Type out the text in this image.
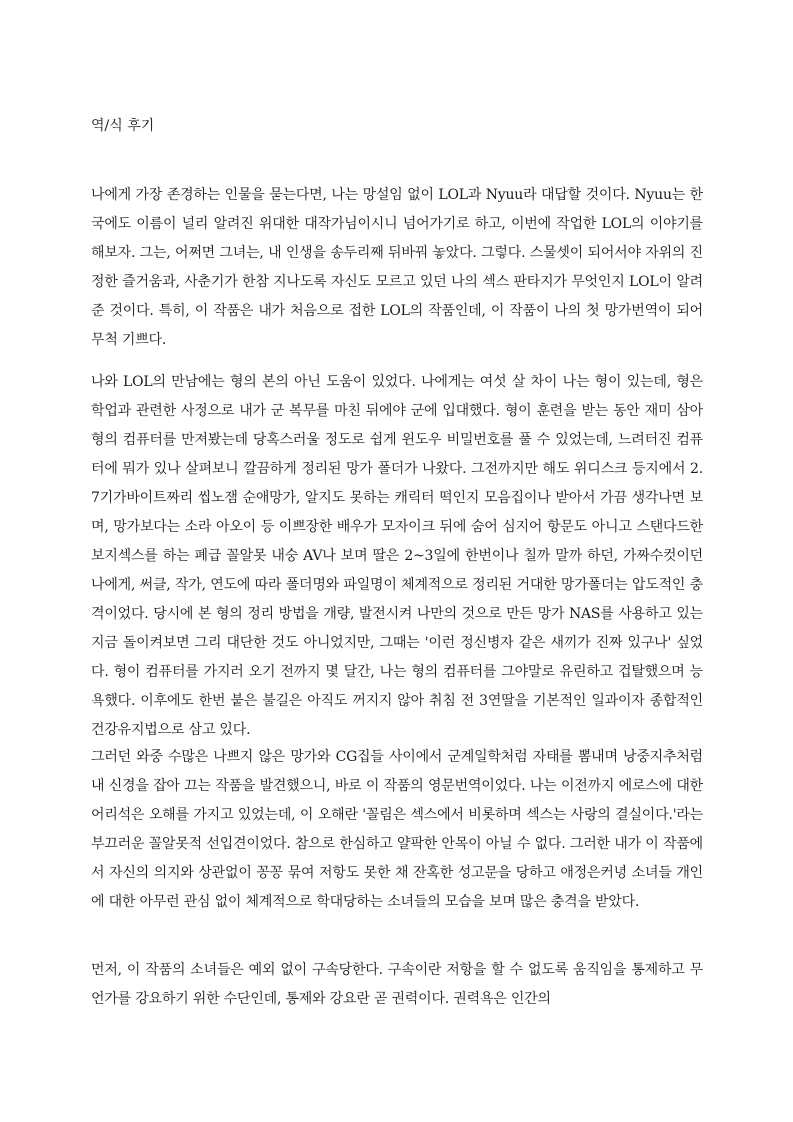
역/식 후기

나에게 가장 존경하는 인물을 묻는다면, 나는 망설임 없이 LOL과 Nyuu라 대답할 것이다. Nyuu는 한국에도 이름이 널리 알려진 위대한 대작가님이시니 넘어가기로 하고, 이번에 작업한 LOL의 이야기를 해보자. 그는, 어쩌면 그녀는, 내 인생을 송두리째 뒤바꿔 놓았다. 그렇다. 스물셋이 되어서야 자위의 진정한 즐거움과, 사춘기가 한참 지나도록 자신도 모르고 있던 나의 섹스 판타지가 무엇인지 LOL이 알려준 것이다. 특히, 이 작품은 내가 처음으로 접한 LOL의 작품인데, 이 작품이 나의 첫 망가번역이 되어 무척 기쁘다.

나와 LOL의 만남에는 형의 본의 아닌 도움이 있었다. 나에게는 여섯 살 차이 나는 형이 있는데, 형은 학업과 관련한 사정으로 내가 군 복무를 마친 뒤에야 군에 입대했다. 형이 훈련을 받는 동안 재미 삼아 형의 컴퓨터를 만져봤는데 당혹스러울 정도로 쉽게 윈도우 비밀번호를 풀 수 있었는데, 느려터진 컴퓨터에 뭐가 있나 살펴보니 깔끔하게 정리된 망가 폴더가 나왔다. 그전까지만 해도 위디스크 등지에서 2.7기가바이트짜리 씹노잼 순애망가, 알지도 못하는 캐릭터 떡인지 모음집이나 받아서 가끔 생각나면 보며, 망가보다는 소라 아오이 등 이쁘장한 배우가 모자이크 뒤에 숨어 심지어 항문도 아니고 스탠다드한 보지섹스를 하는 폐급 꼴알못 내숭 AV나 보며 딸은 2~3일에 한번이나 칠까 말까 하던, 가짜수컷이던 나에게, 써클, 작가, 연도에 따라 폴더명와 파일명이 체계적으로 정리된 거대한 망가폴더는 압도적인 충격이었다. 당시에 본 형의 정리 방법을 개량, 발전시켜 나만의 것으로 만든 망가 NAS를 사용하고 있는 지금 돌이켜보면 그리 대단한 것도 아니었지만, 그때는 '이런 정신병자 같은 새끼가 진짜 있구나' 싶었다. 형이 컴퓨터를 가지러 오기 전까지 몇 달간, 나는 형의 컴퓨터를 그야말로 유린하고 겁탈했으며 능욕했다. 이후에도 한번 붙은 불길은 아직도 꺼지지 않아 취침 전 3연딸을 기본적인 일과이자 종합적인 건강유지법으로 삼고 있다.

그러던 와중 수많은 나쁘지 않은 망가와 CG집들 사이에서 군계일학처럼 자태를 뽐내며 낭중지추처럼 내 신경을 잡아 끄는 작품을 발견했으니, 바로 이 작품의 영문번역이었다. 나는 이전까지 에로스에 대한 어리석은 오해를 가지고 있었는데, 이 오해란 '꼴림은 섹스에서 비롯하며 섹스는 사랑의 결실이다.'라는 부끄러운 꼴알못적 선입견이었다. 참으로 한심하고 얄팍한 안목이 아닐 수 없다. 그러한 내가 이 작품에서 자신의 의지와 상관없이 꽁꽁 묶여 저항도 못한 채 잔혹한 성고문을 당하고 애정은커녕 소녀들 개인에 대한 아무런 관심 없이 체계적으로 학대당하는 소녀들의 모습을 보며 많은 충격을 받았다.

먼저, 이 작품의 소녀들은 예외 없이 구속당한다. 구속이란 저항을 할 수 없도록 움직임을 통제하고 무언가를 강요하기 위한 수단인데, 통제와 강요란 곧 권력이다. 권력욕은 인간의
